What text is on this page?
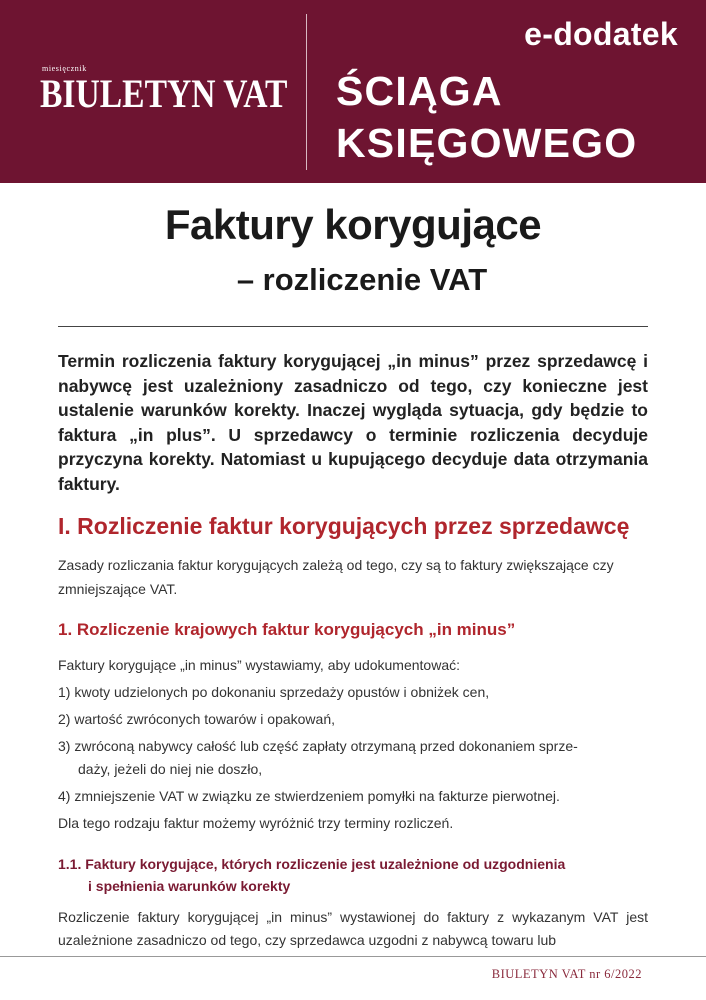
e-dodatek
miesięcznik
BIULETYN VAT ŚCIĄGA
KSIĘGOWEGO
Faktury korygujące
– rozliczenie VAT
Termin rozliczenia faktury korygującej „in minus” przez sprzedawcę i nabywcę jest uzależniony zasadniczo od tego, czy konieczne jest ustalenie warunków korekty. Inaczej wygląda sytuacja, gdy będzie to faktura „in plus”. U sprzedawcy o terminie rozliczenia decyduje przyczyna korekty. Natomiast u kupującego decyduje data otrzymania faktury.
I. Rozliczenie faktur korygujących przez sprzedawcę
Zasady rozliczania faktur korygujących zależą od tego, czy są to faktury zwiększające czy zmniejszające VAT.
1. Rozliczenie krajowych faktur korygujących „in minus”
Faktury korygujące „in minus” wystawiamy, aby udokumentować:
1) kwoty udzielonych po dokonaniu sprzedaży opustów i obniżek cen,
2) wartość zwróconych towarów i opakowań,
3) zwróconą nabywcy całość lub część zapłaty otrzymaną przed dokonaniem sprze-
daży, jeżeli do niej nie doszło,
4) zmniejszenie VAT w związku ze stwierdzeniem pomyłki na fakturze pierwotnej.
Dla tego rodzaju faktur możemy wyróżnić trzy terminy rozliczeń.
1.1. Faktury korygujące, których rozliczenie jest uzależnione od uzgodnienia
i spełnienia warunków korekty
Rozliczenie faktury korygującej „in minus” wystawionej do faktury z wykazanym VAT jest uzależnione zasadniczo od tego, czy sprzedawca uzgodni z nabywcą towaru lub
BIULETYN VAT nr 6/2022
